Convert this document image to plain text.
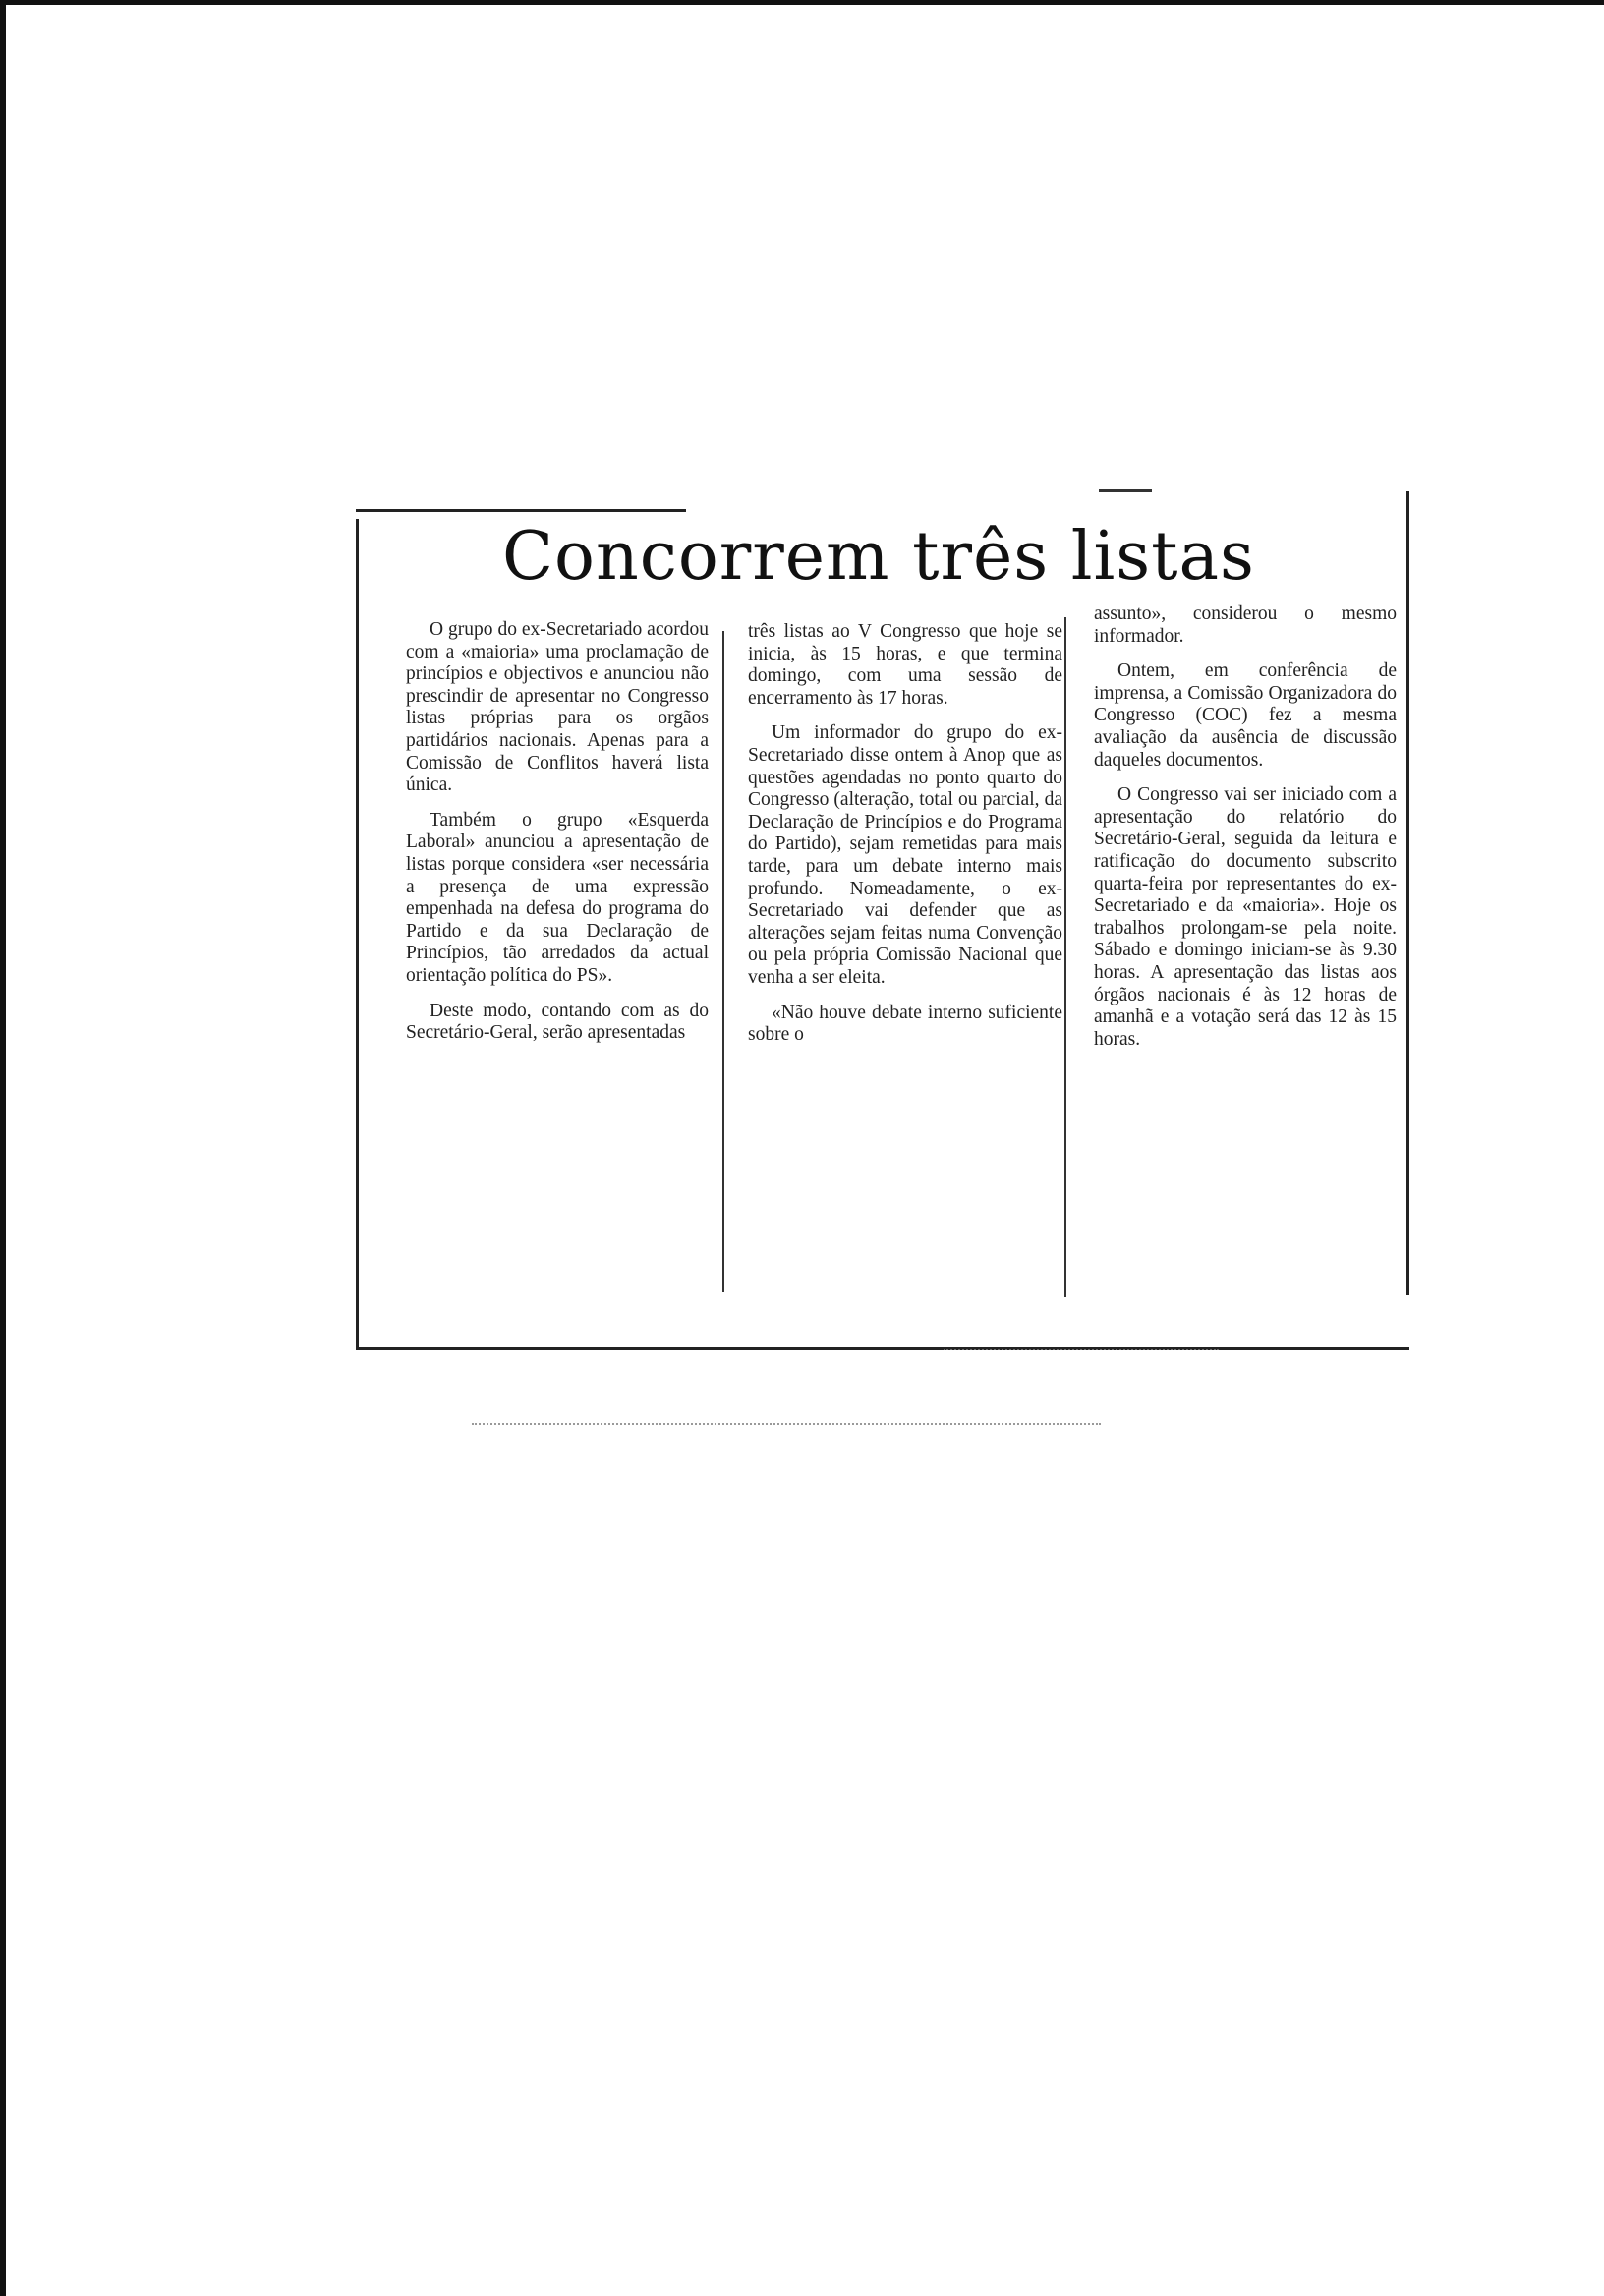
Concorrem três listas

O grupo do ex-Secretariado acordou com a «maioria» uma proclamação de princípios e objectivos e anunciou não prescindir de apresentar no Congresso listas próprias para os orgãos partidários nacionais. Apenas para a Comissão de Conflitos haverá lista única.

Também o grupo «Esquerda Laboral» anunciou a apresentação de listas porque considera «ser necessária a presença de uma expressão empenhada na defesa do programa do Partido e da sua Declaração de Princípios, tão arredados da actual orientação política do PS».

Deste modo, contando com as do Secretário-Geral, serão apresentadas

três listas ao V Congresso que hoje se inicia, às 15 horas, e que termina domingo, com uma sessão de encerramento às 17 horas.

Um informador do grupo do ex-Secretariado disse ontem à Anop que as questões agendadas no ponto quarto do Congresso (alteração, total ou parcial, da Declaração de Princípios e do Programa do Partido), sejam remetidas para mais tarde, para um debate interno mais profundo. Nomeadamente, o ex-Secretariado vai defender que as alterações sejam feitas numa Convenção ou pela própria Comissão Nacional que venha a ser eleita.

«Não houve debate interno suficiente sobre o

assunto», considerou o mesmo informador.

Ontem, em conferência de imprensa, a Comissão Organizadora do Congresso (COC) fez a mesma avaliação da ausência de discussão daqueles documentos.

O Congresso vai ser iniciado com a apresentação do relatório do Secretário-Geral, seguida da leitura e ratificação do documento subscrito quarta-feira por representantes do ex-Secretariado e da «maioria». Hoje os trabalhos prolongam-se pela noite. Sábado e domingo iniciam-se às 9.30 horas. A apresentação das listas aos órgãos nacionais é às 12 horas de amanhã e a votação será das 12 às 15 horas.
